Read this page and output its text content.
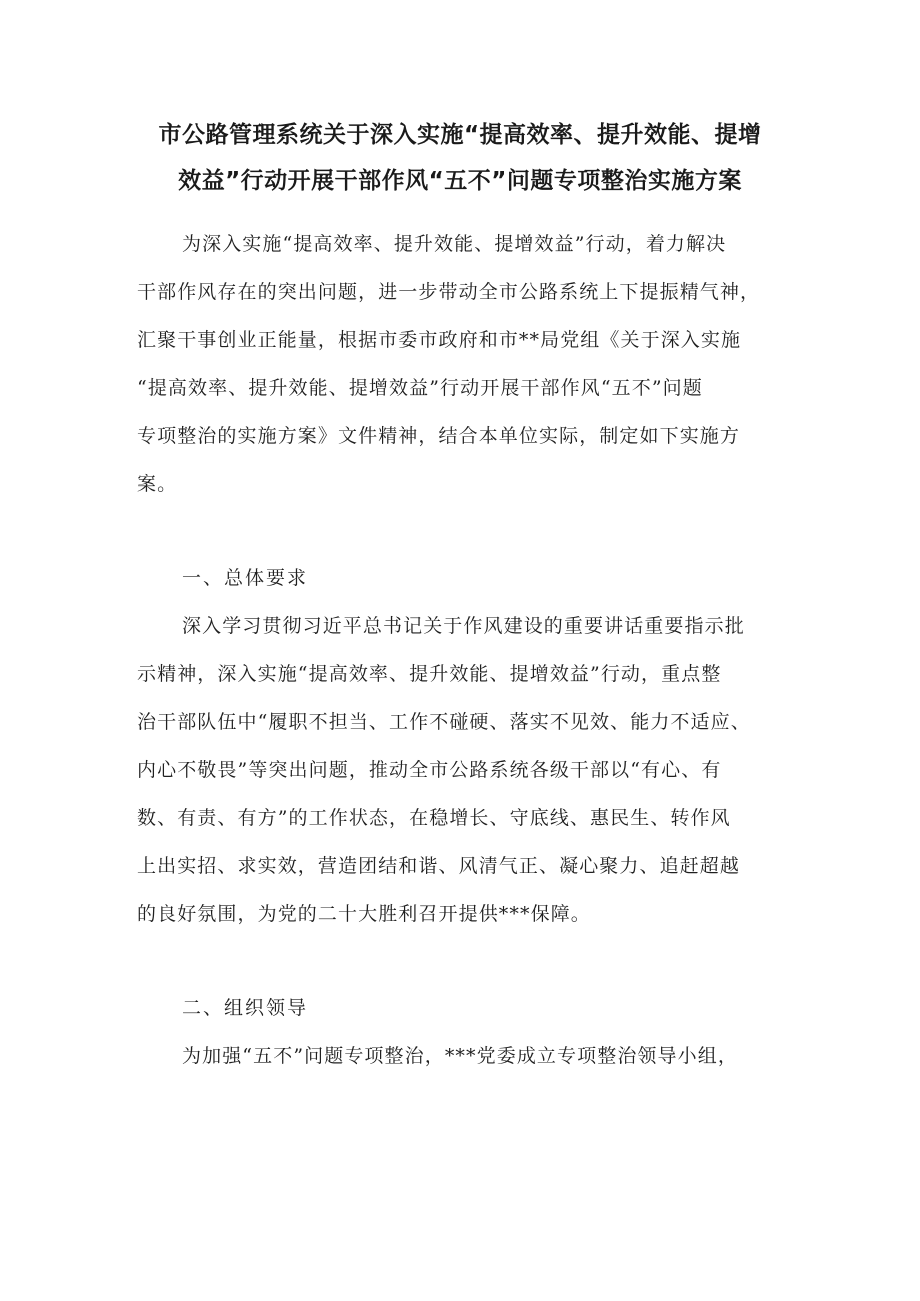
市公路管理系统关于深入实施“提高效率、提升效能、提增
效益”行动开展干部作风“五不”问题专项整治实施方案
为深入实施“提高效率、提升效能、提增效益”行动，着力解决
干部作风存在的突出问题，进一步带动全市公路系统上下提振精气神，
汇聚干事创业正能量，根据市委市政府和市**局党组《关于深入实施
“提高效率、提升效能、提增效益”行动开展干部作风“五不”问题
专项整治的实施方案》文件精神，结合本单位实际，制定如下实施方
案。
一、总体要求
深入学习贯彻习近平总书记关于作风建设的重要讲话重要指示批
示精神，深入实施“提高效率、提升效能、提增效益”行动，重点整
治干部队伍中“履职不担当、工作不碰硬、落实不见效、能力不适应、
内心不敬畏”等突出问题，推动全市公路系统各级干部以“有心、有
数、有责、有方”的工作状态，在稳增长、守底线、惠民生、转作风
上出实招、求实效，营造团结和谐、风清气正、凝心聚力、追赶超越
的良好氛围，为党的二十大胜利召开提供***保障。
二、组织领导
为加强“五不”问题专项整治，***党委成立专项整治领导小组，
